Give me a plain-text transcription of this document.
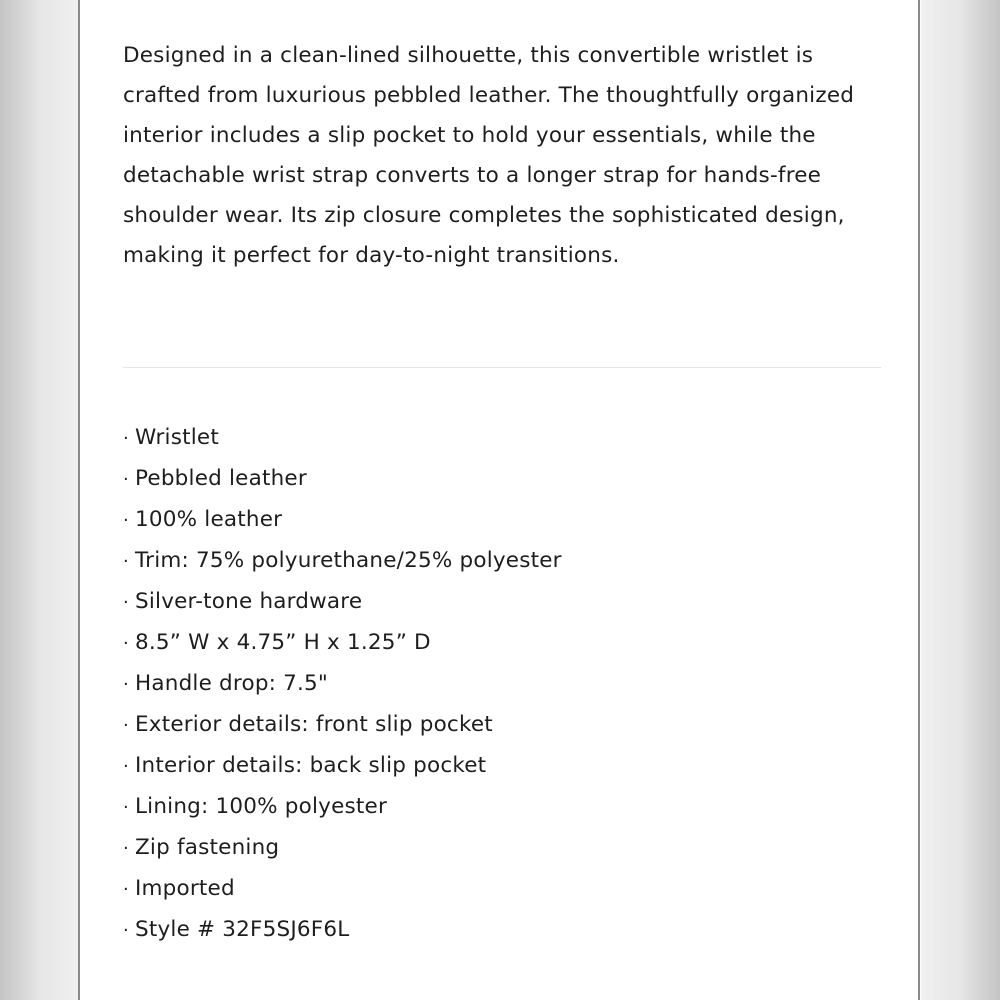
Designed in a clean-lined silhouette, this convertible wristlet is crafted from luxurious pebbled leather. The thoughtfully organized interior includes a slip pocket to hold your essentials, while the detachable wrist strap converts to a longer strap for hands-free shoulder wear. Its zip closure completes the sophisticated design, making it perfect for day-to-night transitions.

· Wristlet
· Pebbled leather
· 100% leather
· Trim: 75% polyurethane/25% polyester
· Silver-tone hardware
· 8.5” W x 4.75” H x 1.25” D
· Handle drop: 7.5"
· Exterior details: front slip pocket
· Interior details: back slip pocket
· Lining: 100% polyester
· Zip fastening
· Imported
· Style # 32F5SJ6F6L
